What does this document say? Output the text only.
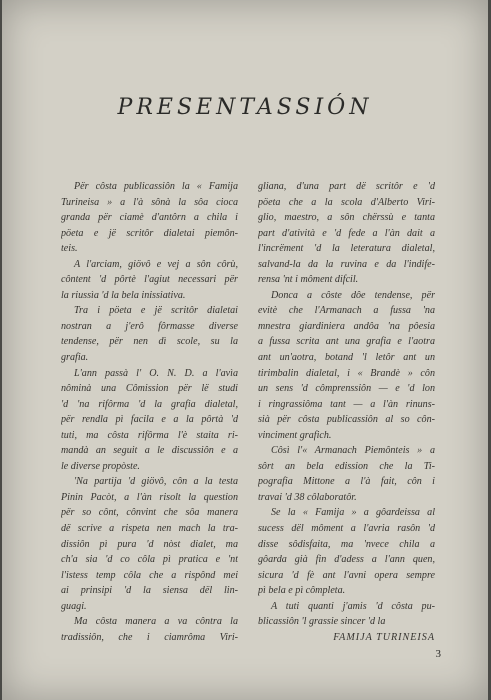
PRESENTASSIÓN
Për côsta publicassiôn la « Famija
Turineisa » a l'à sônà la sôa cioca
granda për ciamè d'antôrn a chila i
pöeta e jë scritôr dialetai piemôn-
teis.
A l'arciam, giövô e vej a sôn côrù,
côntent 'd pôrtè l'agiut necessari për
la riussìa 'd la bela inissiativa.
Tra i pöeta e jë scritôr dialetai
nostran a j'erô fôrmasse diverse
tendense, për nen dì scole, su la
grafia.
L'ann passà l' O. N. D. a l'avìa
nôminà una Cômission për lë studi
'd 'na rifôrma 'd la grafia dialetal,
për rendla pì facila e a la pôrtà 'd
tuti, ma côsta rifôrma l'è staita ri-
mandà an seguit a le discussiôn e a
le diverse propòste.
'Na partija 'd giövô, côn a la testa
Pinin Pacòt, a l'àn risolt la question
për so cônt, cônvint che sôa manera
dë scrive a rispeta nen mach la tra-
dissiôn pì pura 'd nòst dialet, ma
ch'a sia 'd co côla pì pratica e 'nt
l'istess temp côla che a rispônd mei
ai prinsipi 'd la siensa dël lin-
guagi.
Ma côsta manera a va côntra la
tradissiôn, che i ciamrôma Viri-
gliana, d'una part dë scritôr e 'd
pöeta che a la scola d'Alberto Viri-
glio, maestro, a sôn chërssù e tanta
part d'atività e 'd fede a l'àn dait a
l'incrëment 'd la leteratura dialetal,
salvand-la da la ruvina e da l'indife-
rensa 'nt i môment difcil.
Donca a côste dôe tendense, për
evitè che l'Armanach a fussa 'na
mnestra giardiniera andôa 'na pôesia
a fussa scrita ant una grafia e l'aotra
ant un'aotra, botand 'l letôr ant un
tirimbalin dialetal, i « Brandè » côn
un sens 'd cômprenssiôn — e 'd lon
i ringrassiôma tant — a l'àn rinuns-
sià për côsta publicassiôn al so côn-
vinciment grafich.
Côsì l'« Armanach Piemônteis » a
sôrt an bela edission che la Ti-
pografia Mittone a l'à fait, côn i
travai 'd 38 côlaboratôr.
Se la « Famija » a gôardeissa al
sucess dël môment a l'avria rasôn 'd
disse sôdisfaita, ma 'nvece chila a
gôarda già fin d'adess a l'ann quen,
sicura 'd fè ant l'avni opera sempre
pì bela e pì cômpleta.
A tuti quanti j'amis 'd côsta pu-
blicassiôn 'l grassie sincer 'd la
FAMIJA TURINEISA
3
